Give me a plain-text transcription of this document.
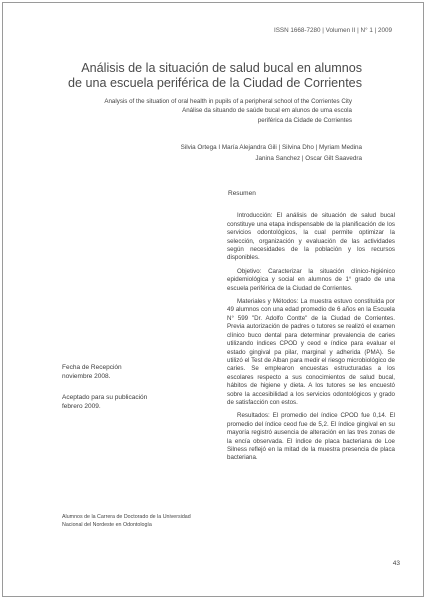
ISSN 1668-7280 | Volumen II | N° 1 | 2009
Análisis de la situación de salud bucal en alumnos
de una escuela periférica de la Ciudad de Corrientes
Analysis of the situation of oral health in pupils of a peripheral school of the Corrientes City
Análise da situando de saúde bucal em alunos de uma escola
periférica da Cidade de Corrientes
Silvia Ortega I María Alejandra Gili | Silvina Dho | Myriam Medina
Janina Sanchez | Oscar Gilt Saavedra
Resumen

Introducción: El análisis de situación de salud bucal constituye una etapa indispensable de la planificación de los servicios odontológicos, la cual permite optimizar la selección, organización y evaluación de las actividades según necesidades de la población y los recursos disponibles.

Objetivo: Caracterizar la situación clínico-higiénico epidemiológica y social en alumnos de 1° grado de una escuela periférica de la Ciudad de Corrientes.

Materiales y Métodos: La muestra estuvo constituida por 49 alumnos con una edad promedio de 6 años en la Escuela N° 599 "Dr. Adolfo Contte" de la Ciudad de Corrientes. Previa autorización de padres o tutores se realizó el examen clínico buco dental para determinar prevalencia de caries utilizando índices CPOD y ceod e índice para evaluar el estado gingival pa pilar, marginal y adherida (PMA). Se utilizó el Test de Alban para medir el riesgo microbiológico de caries. Se emplearon encuestas estructuradas a los escolares respecto a sus conocimientos de salud bucal, hábitos de higiene y dieta. A los tutores se les encuestó sobre la accesibilidad a los servicios odontológicos y grado de satisfacción con estos.

Resultados: El promedio del índice CPOD fue 0,14. El promedio del índice ceod fue de 5,2. El índice gingival en su mayoría registró ausencia de alteración en las tres zonas de la encía observada. El índice de placa bacteriana de Loe Silness reflejó en la mitad de la muestra presencia de placa bacteriana.

Fecha de Recepción
noviembre 2008.
Aceptado para su publicación
febrero 2009.
Alumnos de la Carrera de Doctorado de la Universidad
Nacional del Nordeste en Odontología
43
